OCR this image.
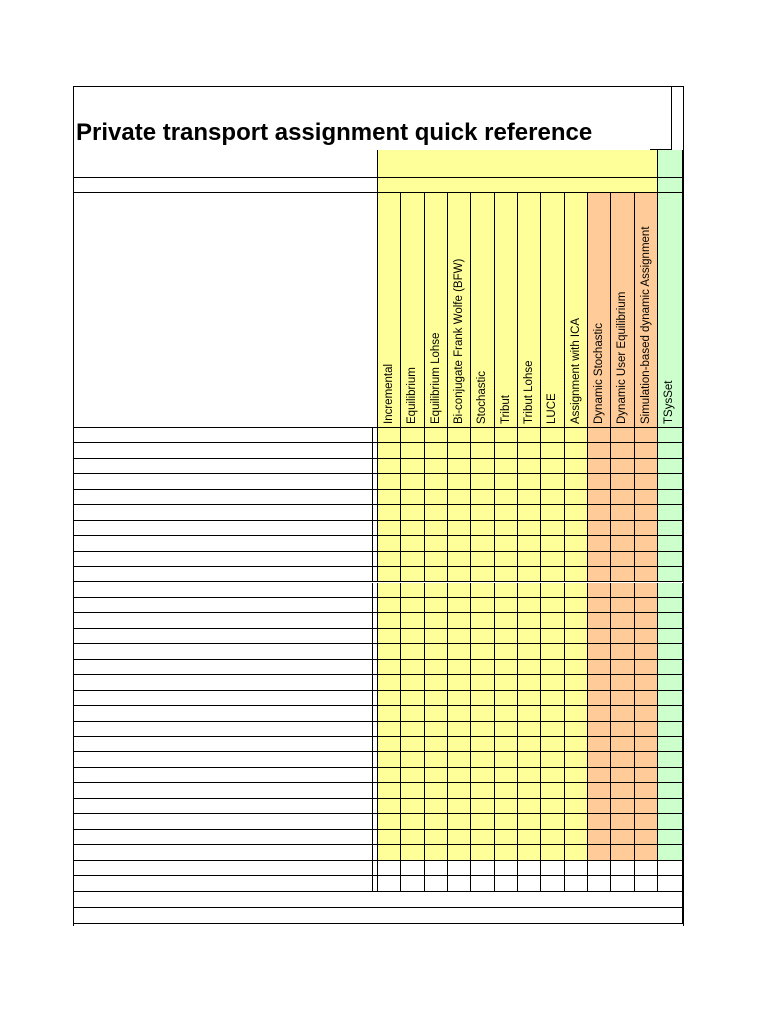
Private transport assignment quick reference
Incremental Equilibrium Equilibrium Lohse Bi-conjugate Frank Wolfe (BFW) Stochastic Tribut Tribut Lohse LUCE Assignment with ICA Dynamic Stochastic Dynamic User Equilibrium Simulation-based dynamic Assignment TSysSet
